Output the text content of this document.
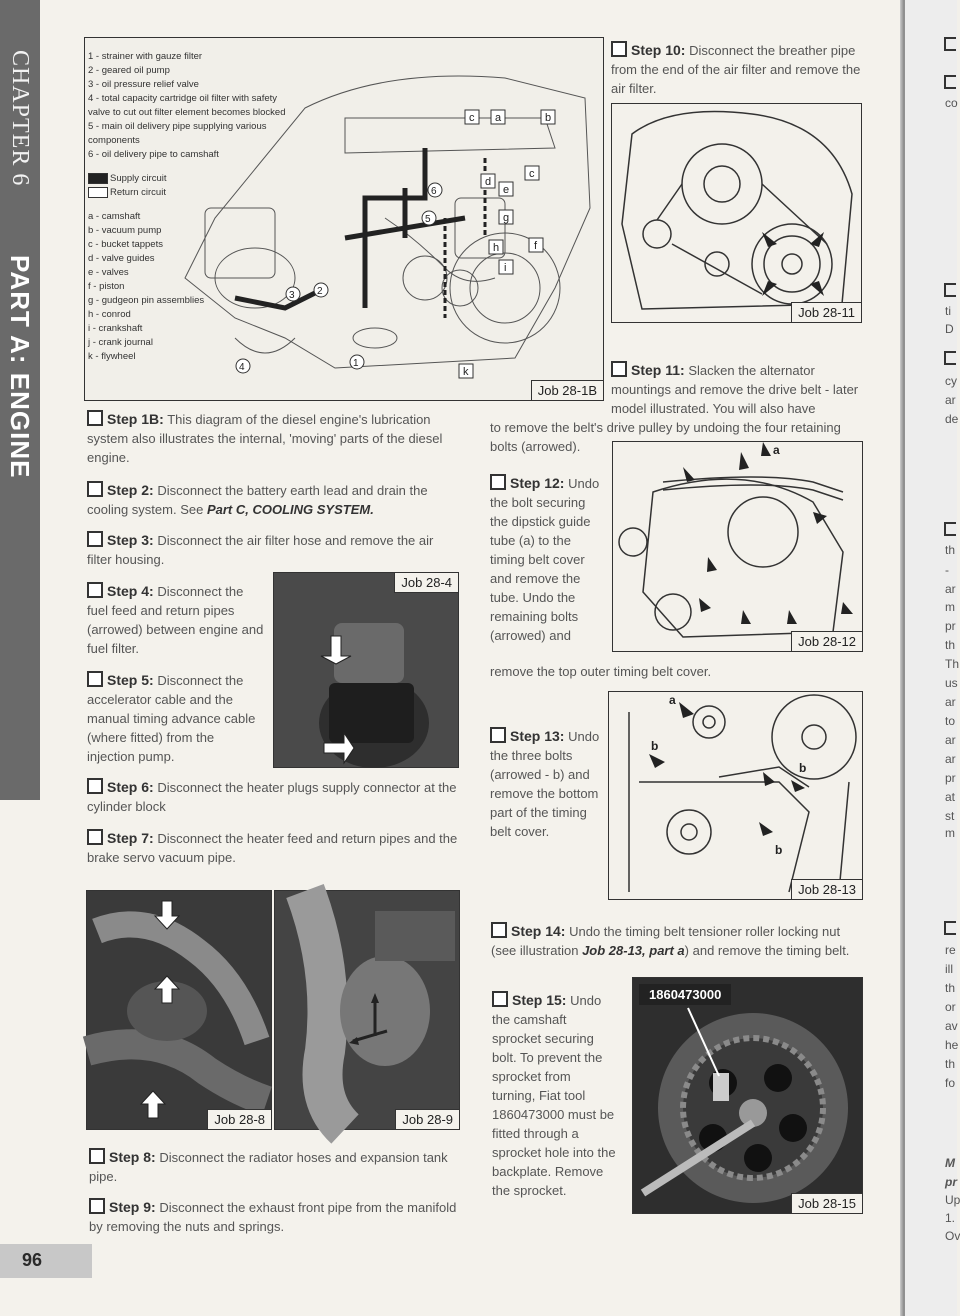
CHAPTER 6
PART A: ENGINE
96
c a	b
d
e
c
g
h	f
i
k
6
5
2
3
1
4
Job 28-1B
1 - strainer with gauze filter
2 - geared oil pump
3 - oil pressure relief valve
4 - total capacity cartridge oil filter with safety valve to cut out filter element becomes blocked
5 - main oil delivery pipe supplying various components
6 - oil delivery pipe to camshaft
Supply circuit
Return circuit
a - camshaft
b - vacuum pump
c - bucket tappets
d - valve guides
e - valves
f - piston
g - gudgeon pin assemblies
h - conrod
i - crankshaft
j - crank journal
k - flywheel
Step 1B: This diagram of the diesel engine's lubrication system also illustrates the internal, 'moving' parts of the diesel engine.
Step 2: Disconnect the battery earth lead and drain the cooling system. See Part C, COOLING SYSTEM.
Step 3: Disconnect the air filter hose and remove the air filter housing.
Step 4: Disconnect the fuel feed and return pipes (arrowed) between engine and fuel filter.
Step 5: Disconnect the accelerator cable and the manual timing advance cable (where fitted) from the injection pump.
Job 28-4
Step 6: Disconnect the heater plugs supply connector at the cylinder block
Step 7: Disconnect the heater feed and return pipes and the brake servo vacuum pipe.
Job 28-8	Job 28-9
Step 8: Disconnect the radiator hoses and expansion tank pipe.
Step 9: Disconnect the exhaust front pipe from the manifold by removing the nuts and springs.
Step 10: Disconnect the breather pipe from the end of the air filter and remove the air filter.
Job 28-11
Step 11: Slacken the alternator mountings and remove the drive belt - later model illustrated. You will also have
to remove the belt's drive pulley by undoing the four retaining bolts (arrowed).
Step 12: Undo the bolt securing the dipstick guide tube (a) to the timing belt cover and remove the tube. Undo the remaining bolts (arrowed) and
remove the top outer timing belt cover.
a
Job 28-12
Step 13: Undo the three bolts (arrowed - b) and remove the bottom part of the timing belt cover.
a
b
b
b
Job 28-13
Step 14: Undo the timing belt tensioner roller locking nut (see illustration Job 28-13, part a) and remove the timing belt.
Step 15: Undo the camshaft sprocket securing bolt. To prevent the sprocket from turning, Fiat tool 1860473000 must be fitted through a sprocket hole into the backplate. Remove the sprocket.
1860473000
Job 28-15
co
ti
D
cy
ar
de
th
-
ar
m
pr
th
Th
us
ar
to
ar
ar
pr
at
st
m
re
ill
th
or
av
he
th
fo
M
pr
Up
1.
Ov
